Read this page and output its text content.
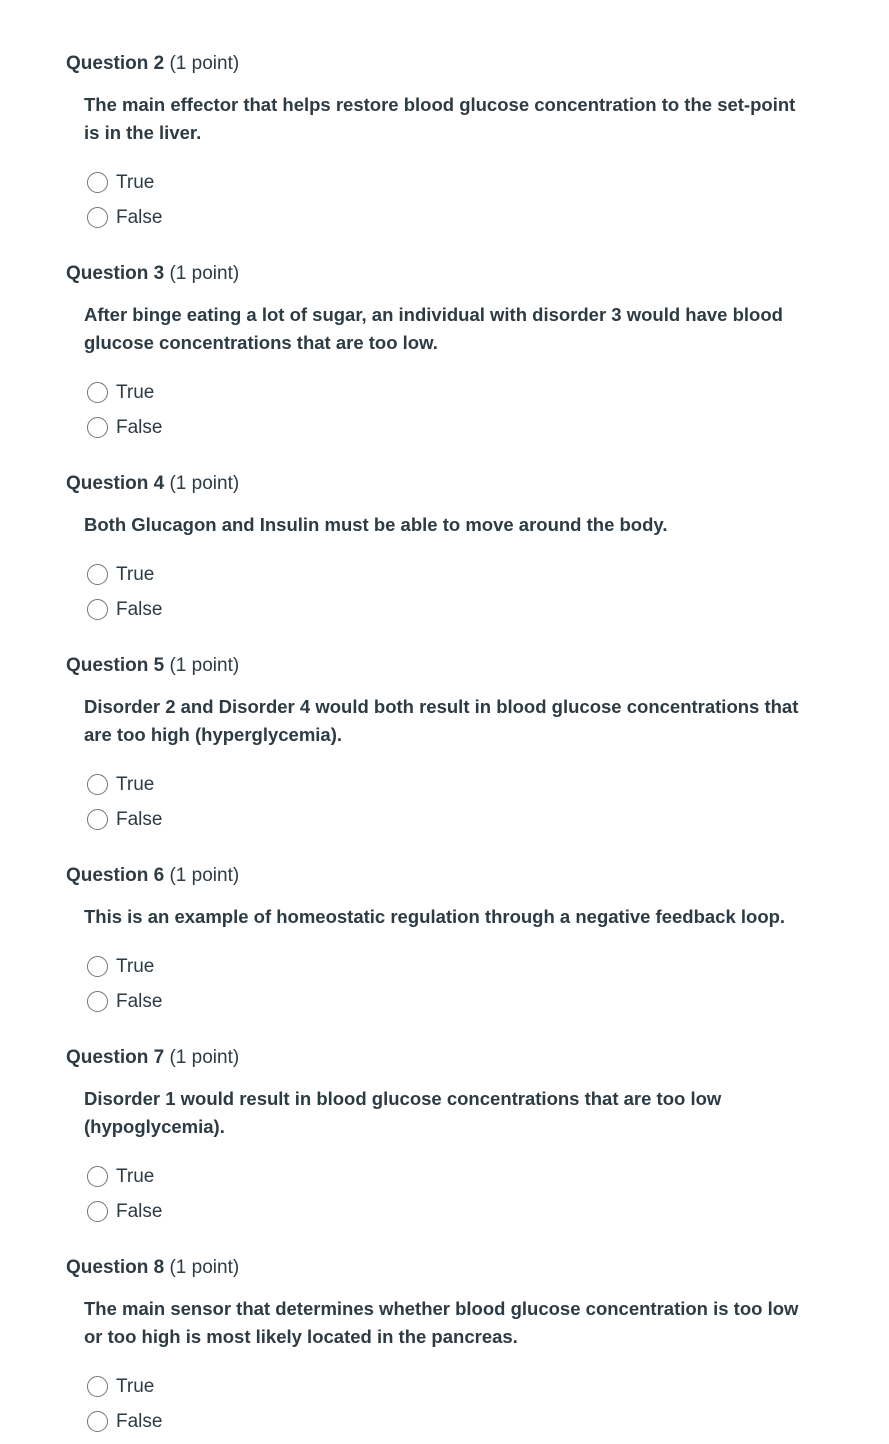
Question 2 (1 point)

The main effector that helps restore blood glucose concentration to the set-point is in the liver.

True
False

Question 3 (1 point)

After binge eating a lot of sugar, an individual with disorder 3 would have blood glucose concentrations that are too low.

True
False

Question 4 (1 point)

Both Glucagon and Insulin must be able to move around the body.

True
False

Question 5 (1 point)

Disorder 2 and Disorder 4 would both result in blood glucose concentrations that are too high (hyperglycemia).

True
False

Question 6 (1 point)

This is an example of homeostatic regulation through a negative feedback loop.

True
False

Question 7 (1 point)

Disorder 1 would result in blood glucose concentrations that are too low (hypoglycemia).

True
False

Question 8 (1 point)

The main sensor that determines whether blood glucose concentration is too low or too high is most likely located in the pancreas.

True
False
